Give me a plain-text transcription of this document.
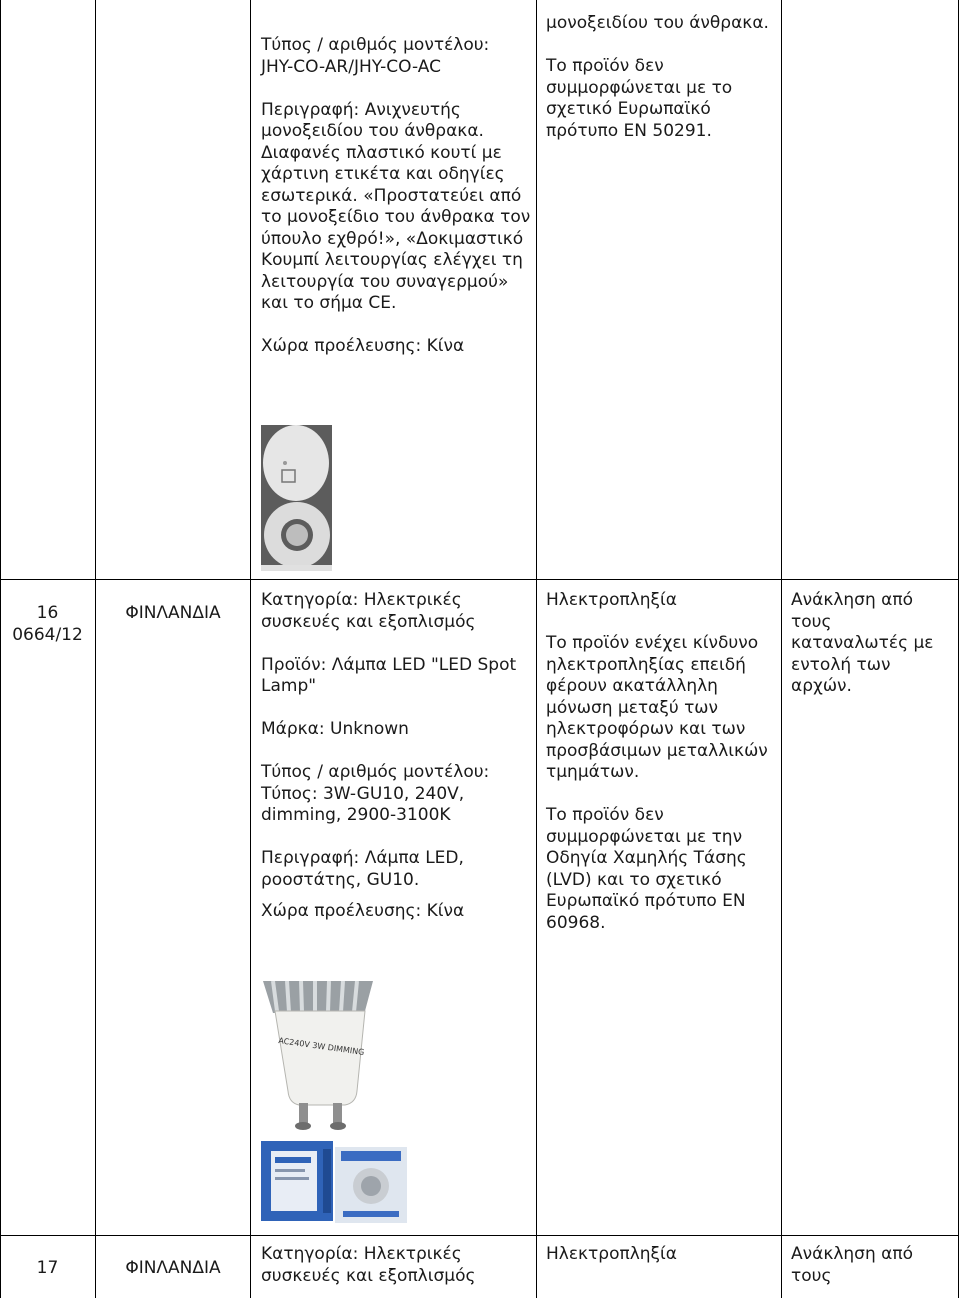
Τύπος / αριθμός μοντέλου:
JHY-CO-AR/JHY-CO-AC

Περιγραφή: Ανιχνευτής μονοξειδίου του άνθρακα. Διαφανές πλαστικό κουτί με χάρτινη ετικέτα και οδηγίες εσωτερικά. «Προστατεύει από το μονοξείδιο του άνθρακα τον ύπουλο εχθρό!», «Δοκιμαστικό Κουμπί λειτουργίας ελέγχει τη λειτουργία του συναγερμού» και το σήμα CE.

Χώρα προέλευσης: Κίνα

μονοξειδίου του άνθρακα.

Το προϊόν δεν συμμορφώνεται με το σχετικό Ευρωπαϊκό πρότυπο EN 50291.

16
0664/12
ΦΙΝΛΑΝΔΙΑ

Κατηγορία: Ηλεκτρικές συσκευές και εξοπλισμός

Προϊόν: Λάμπα LED "LED Spot Lamp"

Μάρκα: Unknown

Τύπος / αριθμός μοντέλου: Τύπος: 3W-GU10, 240V, dimming, 2900-3100K

Περιγραφή: Λάμπα LED, ροοστάτης, GU10.

Χώρα προέλευσης: Κίνα

Ηλεκτροπληξία

Το προϊόν ενέχει κίνδυνο ηλεκτροπληξίας επειδή φέρουν ακατάλληλη μόνωση μεταξύ των ηλεκτροφόρων και των προσβάσιμων μεταλλικών τμημάτων.

Το προϊόν δεν συμμορφώνεται με την Οδηγία Χαμηλής Τάσης (LVD) και το σχετικό Ευρωπαϊκό πρότυπο EN 60968.

Ανάκληση από τους καταναλωτές με εντολή των αρχών.

AC240V 3W DIMMING
17	ΦΙΝΛΑΝΔΙΑ

Κατηγορία: Ηλεκτρικές συσκευές και εξοπλισμός

Ηλεκτροπληξία	Ανάκληση από τους
